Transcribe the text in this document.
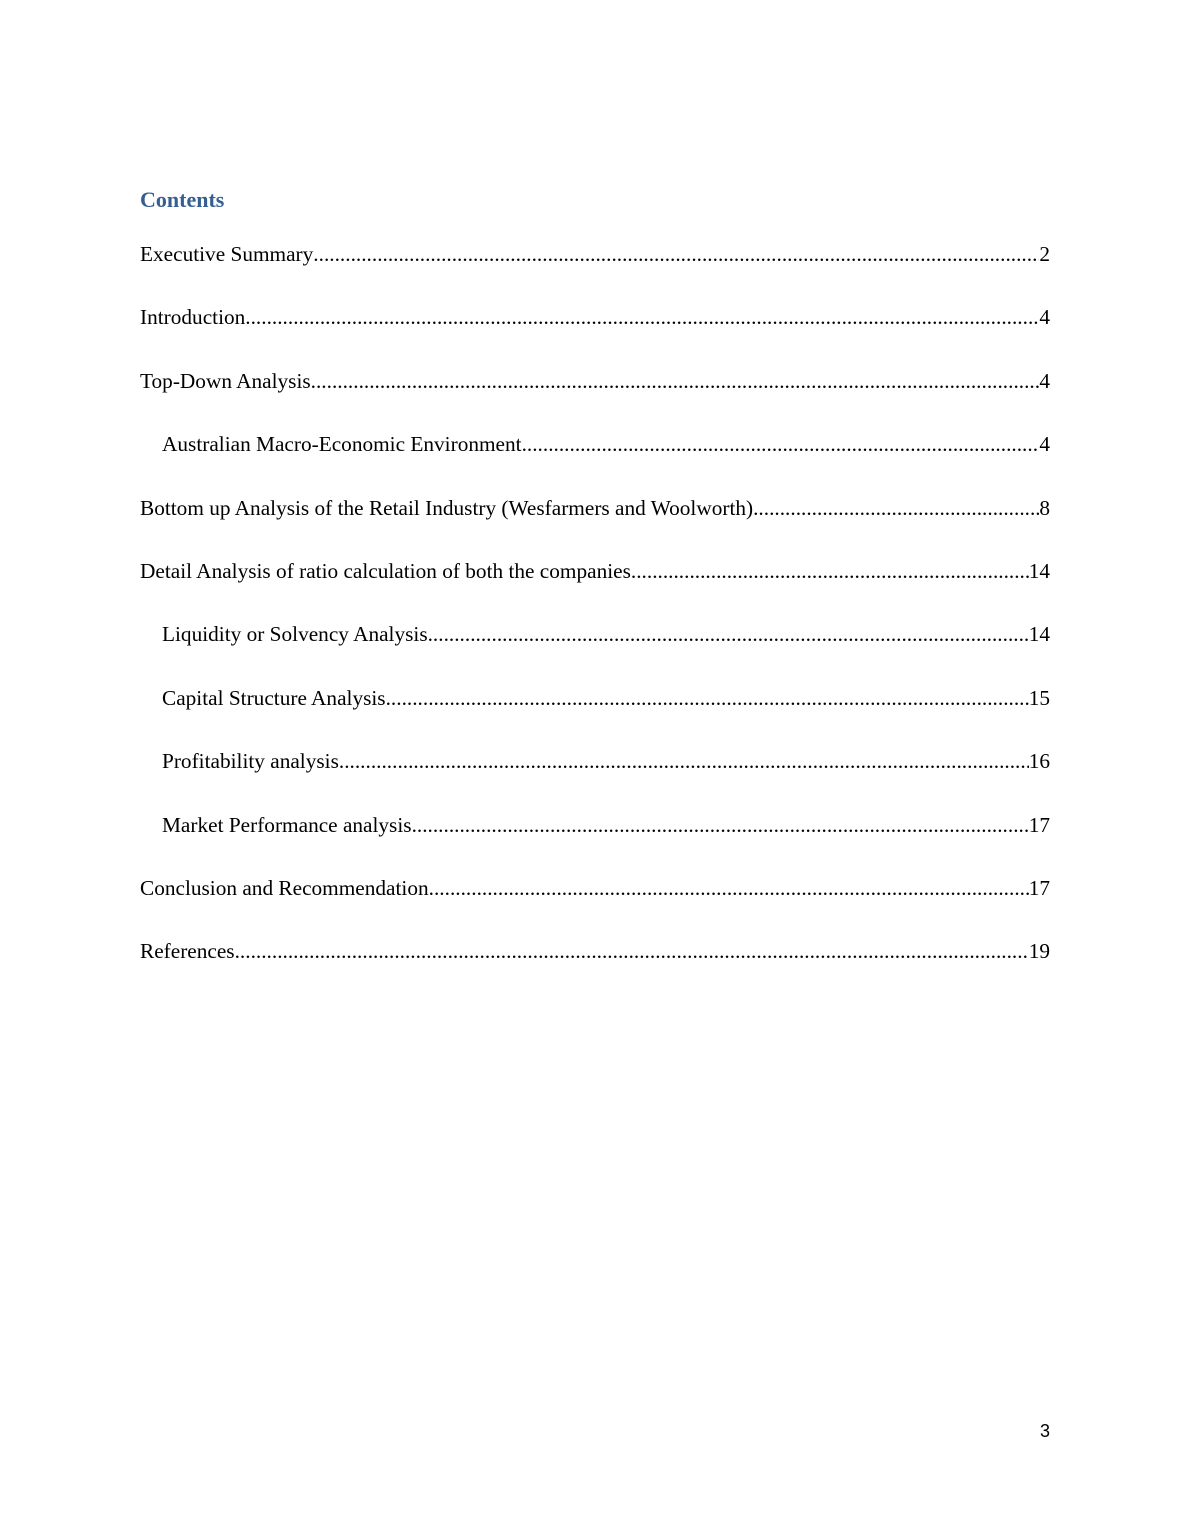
Contents
Executive Summary .....	2
Introduction .....	4
Top-Down Analysis .....	4
Australian Macro-Economic Environment .....	4
Bottom up Analysis of the Retail Industry (Wesfarmers and Woolworth) .....	8
Detail Analysis of ratio calculation of both the companies .....	14
Liquidity or Solvency Analysis .....	14
Capital Structure Analysis .....	15
Profitability analysis .....	16
Market Performance analysis .....	17
Conclusion and Recommendation .....	17
References .....	19
3
